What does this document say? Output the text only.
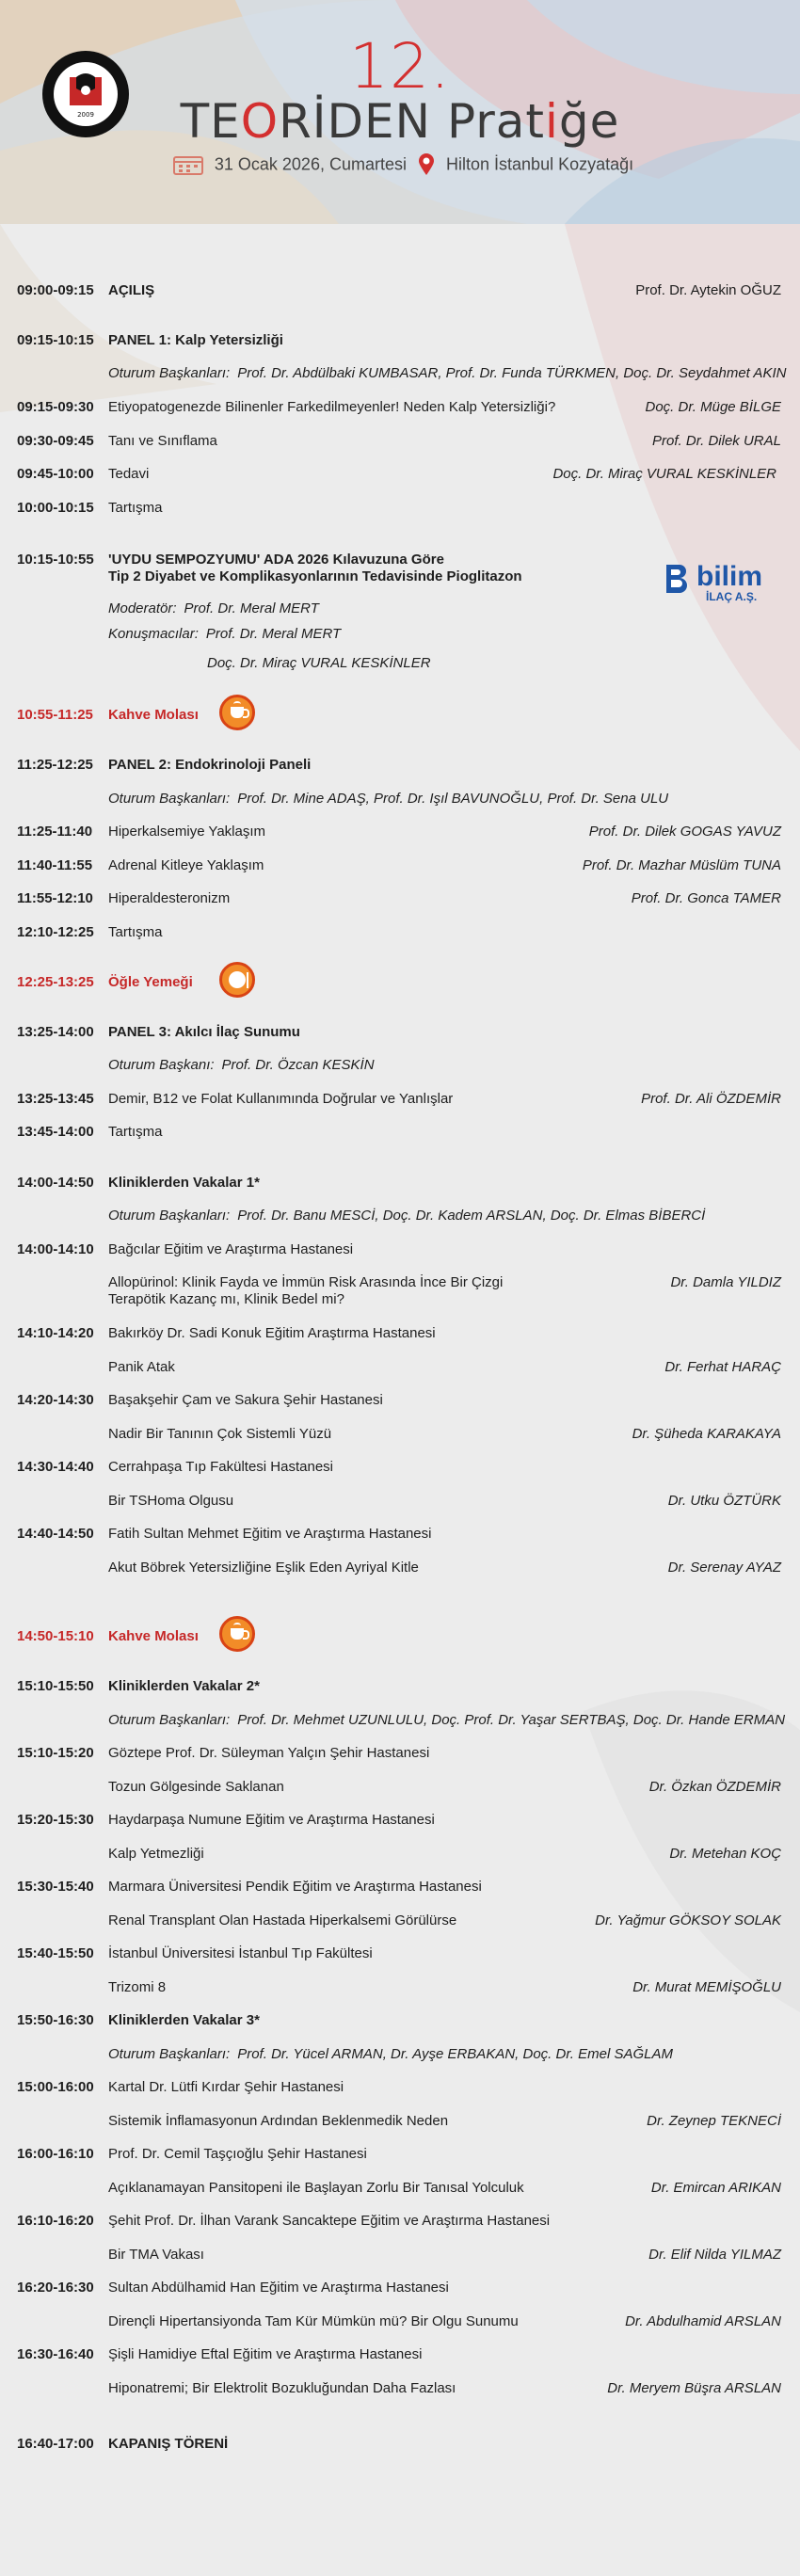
2009
12.
TEORİDEN Pratiğe
31 Ocak 2026, Cumartesi Hilton İstanbul Kozyatağı
bilim
İLAÇ A.Ş.
09:00-09:15 AÇILIŞ	Prof. Dr. Aytekin OĞUZ
09:15-10:15 PANEL 1: Kalp Yetersizliği
Oturum Başkanları: Prof. Dr. Abdülbaki KUMBASAR, Prof. Dr. Funda TÜRKMEN, Doç. Dr. Seydahmet AKIN
09:15-09:30 Etiyopatogenezde Bilinenler Farkedilmeyenler! Neden Kalp Yetersizliği?	Doç. Dr. Müge BİLGE
09:30-09:45 Tanı ve Sınıflama	Prof. Dr. Dilek URAL
09:45-10:00 Tedavi	Doç. Dr. Miraç VURAL KESKİNLER
10:00-10:15 Tartışma
10:15-10:55 'UYDU SEMPOZYUMU' ADA 2026 Kılavuzuna Göre
Tip 2 Diyabet ve Komplikasyonlarının Tedavisinde Pioglitazon
Moderatör: Prof. Dr. Meral MERT
Konuşmacılar: Prof. Dr. Meral MERT
Doç. Dr. Miraç VURAL KESKİNLER
10:55-11:25 Kahve Molası
11:25-12:25 PANEL 2: Endokrinoloji Paneli
Oturum Başkanları: Prof. Dr. Mine ADAŞ, Prof. Dr. Işıl BAVUNOĞLU, Prof. Dr. Sena ULU
11:25-11:40 Hiperkalsemiye Yaklaşım	Prof. Dr. Dilek GOGAS YAVUZ
11:40-11:55 Adrenal Kitleye Yaklaşım	Prof. Dr. Mazhar Müslüm TUNA
11:55-12:10 Hiperaldesteronizm	Prof. Dr. Gonca TAMER
12:10-12:25 Tartışma
12:25-13:25 Öğle Yemeği
13:25-14:00 PANEL 3: Akılcı İlaç Sunumu
Oturum Başkanı: Prof. Dr. Özcan KESKİN
13:25-13:45 Demir, B12 ve Folat Kullanımında Doğrular ve Yanlışlar	Prof. Dr. Ali ÖZDEMİR
13:45-14:00 Tartışma
14:00-14:50 Kliniklerden Vakalar 1*
Oturum Başkanları: Prof. Dr. Banu MESCİ, Doç. Dr. Kadem ARSLAN, Doç. Dr. Elmas BİBERCİ
14:00-14:10 Bağcılar Eğitim ve Araştırma Hastanesi
Allopürinol: Klinik Fayda ve İmmün Risk Arasında İnce Bir Çizgi	Dr. Damla YILDIZ
Terapötik Kazanç mı, Klinik Bedel mi?
14:10-14:20 Bakırköy Dr. Sadi Konuk Eğitim Araştırma Hastanesi
Panik Atak	Dr. Ferhat HARAÇ
14:20-14:30 Başakşehir Çam ve Sakura Şehir Hastanesi
Nadir Bir Tanının Çok Sistemli Yüzü	Dr. Şüheda KARAKAYA
14:30-14:40 Cerrahpaşa Tıp Fakültesi Hastanesi
Bir TSHoma Olgusu	Dr. Utku ÖZTÜRK
14:40-14:50 Fatih Sultan Mehmet Eğitim ve Araştırma Hastanesi
Akut Böbrek Yetersizliğine Eşlik Eden Ayriyal Kitle	Dr. Serenay AYAZ
14:50-15:10 Kahve Molası
15:10-15:50 Kliniklerden Vakalar 2*
Oturum Başkanları: Prof. Dr. Mehmet UZUNLULU, Doç. Prof. Dr. Yaşar SERTBAŞ, Doç. Dr. Hande ERMAN
15:10-15:20 Göztepe Prof. Dr. Süleyman Yalçın Şehir Hastanesi
Tozun Gölgesinde Saklanan	Dr. Özkan ÖZDEMİR
15:20-15:30 Haydarpaşa Numune Eğitim ve Araştırma Hastanesi
Kalp Yetmezliği	Dr. Metehan KOÇ
15:30-15:40 Marmara Üniversitesi Pendik Eğitim ve Araştırma Hastanesi
Renal Transplant Olan Hastada Hiperkalsemi Görülürse	Dr. Yağmur GÖKSOY SOLAK
15:40-15:50 İstanbul Üniversitesi İstanbul Tıp Fakültesi
Trizomi 8	Dr. Murat MEMİŞOĞLU
15:50-16:30 Kliniklerden Vakalar 3*
Oturum Başkanları: Prof. Dr. Yücel ARMAN, Dr. Ayşe ERBAKAN, Doç. Dr. Emel SAĞLAM
15:00-16:00 Kartal Dr. Lütfi Kırdar Şehir Hastanesi
Sistemik İnflamasyonun Ardından Beklenmedik Neden	Dr. Zeynep TEKNECİ
16:00-16:10 Prof. Dr. Cemil Taşçıoğlu Şehir Hastanesi
Açıklanamayan Pansitopeni ile Başlayan Zorlu Bir Tanısal Yolculuk	Dr. Emircan ARIKAN
16:10-16:20 Şehit Prof. Dr. İlhan Varank Sancaktepe Eğitim ve Araştırma Hastanesi
Bir TMA Vakası	Dr. Elif Nilda YILMAZ
16:20-16:30 Sultan Abdülhamid Han Eğitim ve Araştırma Hastanesi
Dirençli Hipertansiyonda Tam Kür Mümkün mü? Bir Olgu Sunumu	Dr. Abdulhamid ARSLAN
16:30-16:40 Şişli Hamidiye Eftal Eğitim ve Araştırma Hastanesi
Hiponatremi; Bir Elektrolit Bozukluğundan Daha Fazlası	Dr. Meryem Büşra ARSLAN
16:40-17:00 KAPANIŞ TÖRENİ
